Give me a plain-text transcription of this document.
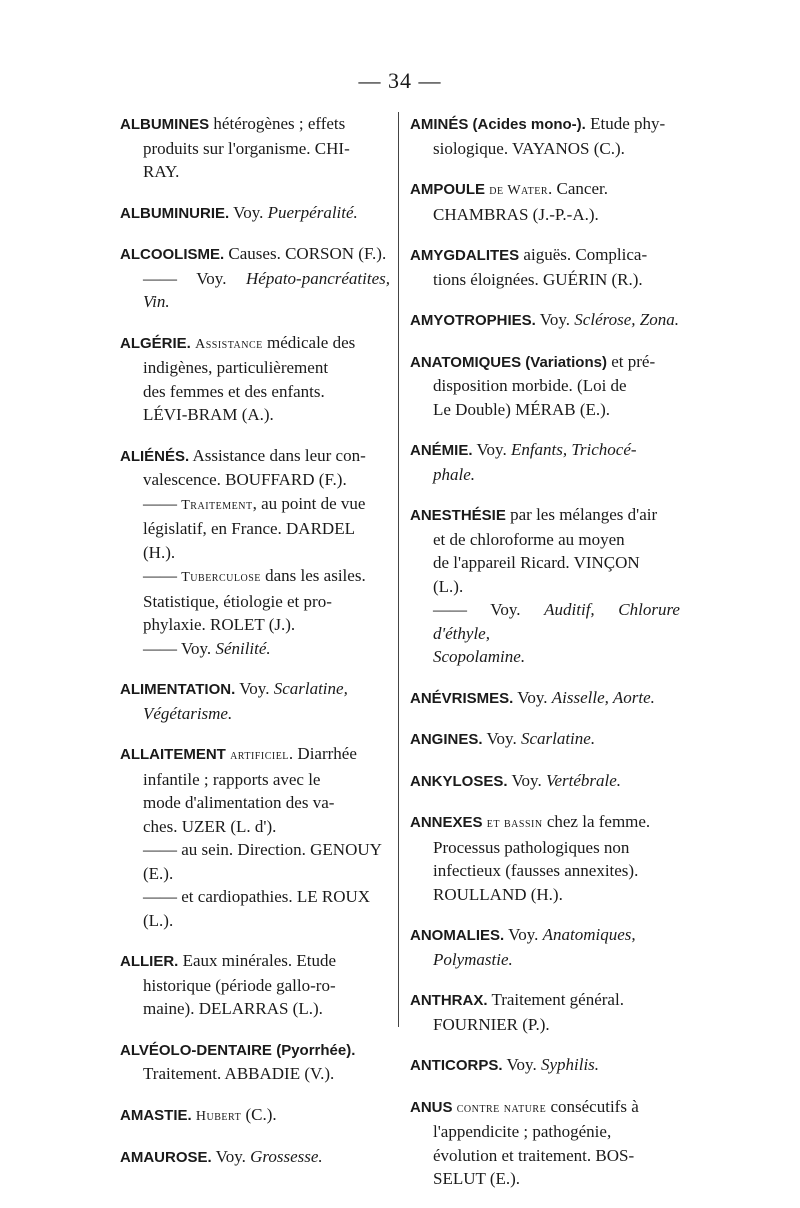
— 34 —
ALBUMINES hétérogènes ; effets
produits sur l'organisme. CHI-
RAY.
ALBUMINURIE. Voy. Puerpéralité.
ALCOOLISME. Causes. CORSON (F.).
—— Voy. Hépato-pancréatites, Vin.
ALGÉRIE. Assistance médicale des
indigènes, particulièrement
des femmes et des enfants.
LÉVI-BRAM (A.).
ALIÉNÉS. Assistance dans leur con-
valescence. BOUFFARD (F.).
—— Traitement, au point de vue
législatif, en France. DARDEL
(H.).
—— Tuberculose dans les asiles.
Statistique, étiologie et pro-
phylaxie. ROLET (J.).
—— Voy. Sénilité.
ALIMENTATION. Voy. Scarlatine,
Végétarisme.
ALLAITEMENT artificiel. Diarrhée
infantile ; rapports avec le
mode d'alimentation des va-
ches. UZER (L. d').
—— au sein. Direction. GENOUY
(E.).
—— et cardiopathies. LE ROUX
(L.).
ALLIER. Eaux minérales. Etude
historique (période gallo-ro-
maine). DELARRAS (L.).
ALVÉOLO-DENTAIRE (Pyorrhée).
Traitement. ABBADIE (V.).
AMASTIE. Hubert (C.).
AMAUROSE. Voy. Grossesse.
AMINÉS (Acides mono-). Etude phy-
siologique. VAYANOS (C.).
AMPOULE de Water. Cancer.
CHAMBRAS (J.-P.-A.).
AMYGDALITES aiguës. Complica-
tions éloignées. GUÉRIN (R.).
AMYOTROPHIES. Voy. Sclérose, Zona.
ANATOMIQUES (Variations) et pré-
disposition morbide. (Loi de
Le Double) MÉRAB (E.).
ANÉMIE. Voy. Enfants, Trichocé-
phale.
ANESTHÉSIE par les mélanges d'air
et de chloroforme au moyen
de l'appareil Ricard. VINÇON
(L.).
—— Voy. Auditif, Chlorure d'éthyle,
Scopolamine.
ANÉVRISMES. Voy. Aisselle, Aorte.
ANGINES. Voy. Scarlatine.
ANKYLOSES. Voy. Vertébrale.
ANNEXES et bassin chez la femme.
Processus pathologiques non
infectieux (fausses annexites).
ROULLAND (H.).
ANOMALIES. Voy. Anatomiques,
Polymastie.
ANTHRAX. Traitement général.
FOURNIER (P.).
ANTICORPS. Voy. Syphilis.
ANUS contre nature consécutifs à
l'appendicite ; pathogénie,
évolution et traitement. BOS-
SELUT (E.).
